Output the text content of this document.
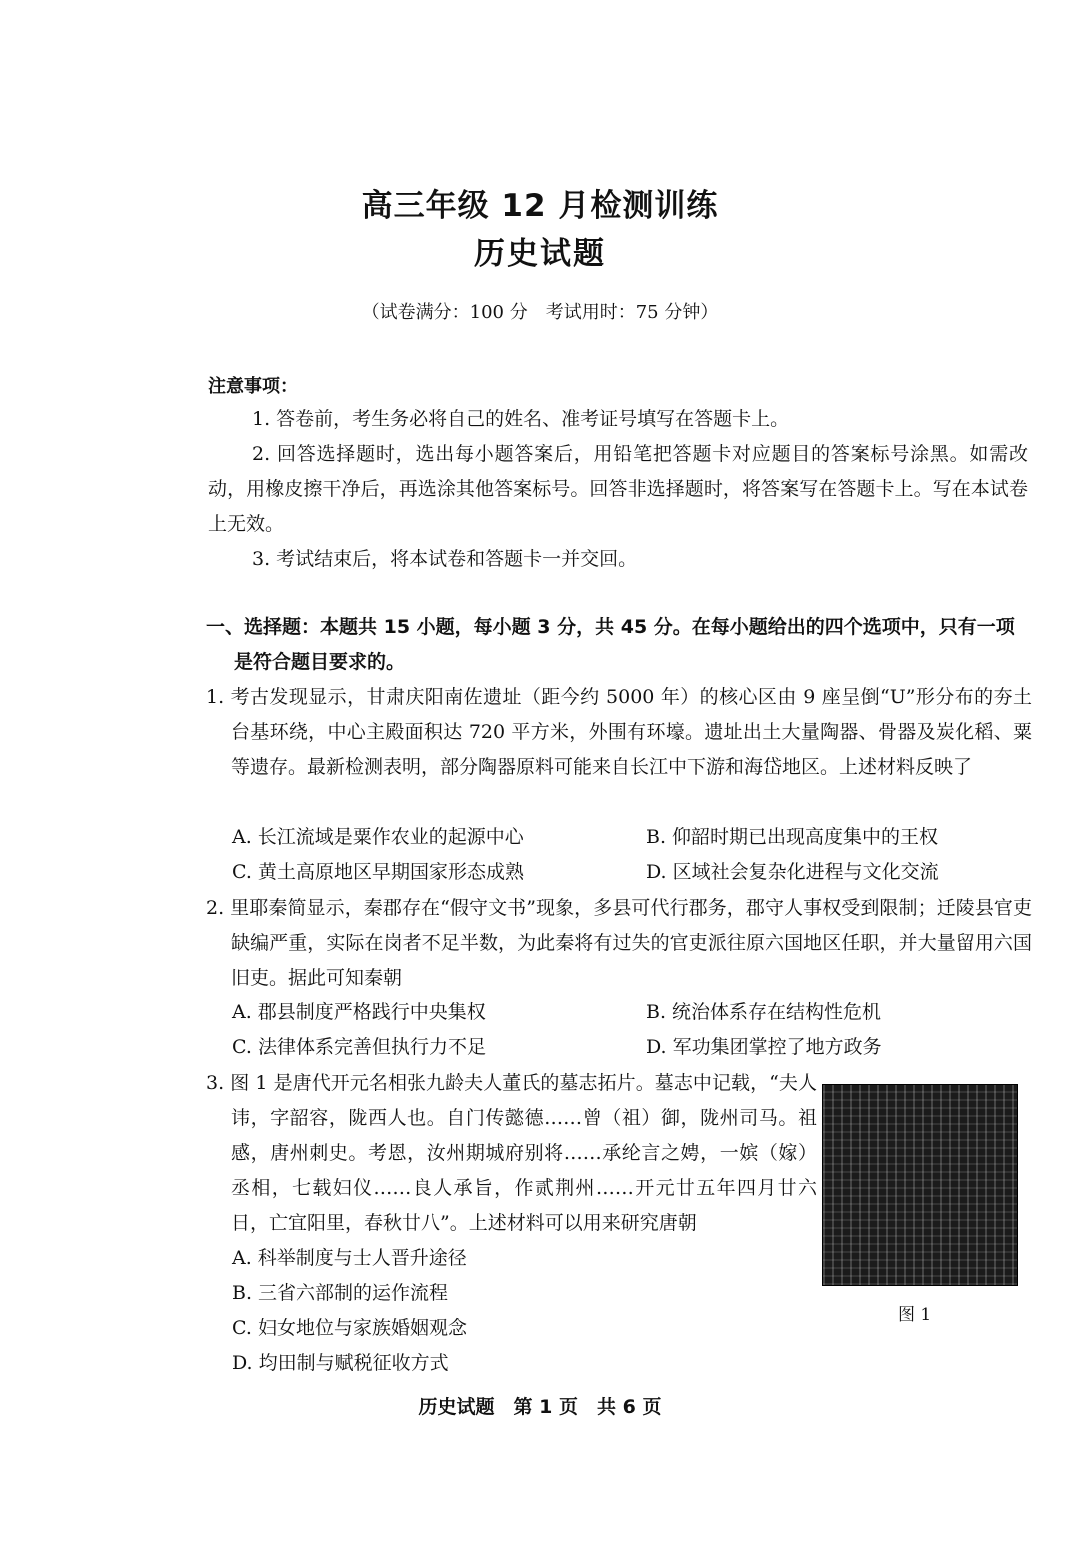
高三年级 12 月检测训练
历史试题
（试卷满分：100 分　考试用时：75 分钟）
注意事项：
1. 答卷前，考生务必将自己的姓名、准考证号填写在答题卡上。
2. 回答选择题时，选出每小题答案后，用铅笔把答题卡对应题目的答案标号涂黑。如需改动，用橡皮擦干净后，再选涂其他答案标号。回答非选择题时，将答案写在答题卡上。写在本试卷上无效。
3. 考试结束后，将本试卷和答题卡一并交回。
一、选择题：本题共 15 小题，每小题 3 分，共 45 分。在每小题给出的四个选项中，只有一项是符合题目要求的。
1. 考古发现显示，甘肃庆阳南佐遗址（距今约 5000 年）的核心区由 9 座呈倒“U”形分布的夯土台基环绕，中心主殿面积达 720 平方米，外围有环壕。遗址出土大量陶器、骨器及炭化稻、粟等遗存。最新检测表明，部分陶器原料可能来自长江中下游和海岱地区。上述材料反映了
A. 长江流域是粟作农业的起源中心	B. 仰韶时期已出现高度集中的王权
C. 黄土高原地区早期国家形态成熟	D. 区域社会复杂化进程与文化交流
2. 里耶秦简显示，秦郡存在“假守文书”现象，多县可代行郡务，郡守人事权受到限制；迁陵县官吏缺编严重，实际在岗者不足半数，为此秦将有过失的官吏派往原六国地区任职，并大量留用六国旧吏。据此可知秦朝
A. 郡县制度严格践行中央集权	B. 统治体系存在结构性危机
C. 法律体系完善但执行力不足	D. 军功集团掌控了地方政务
3. 图 1 是唐代开元名相张九龄夫人董氏的墓志拓片。墓志中记载，“夫人讳，字韶容，陇西人也。自门传懿德……曾（祖）御，陇州司马。祖感，唐州刺史。考恩，汝州期城府别将……承纶言之娉，一嫔（嫁）丞相，七载妇仪……良人承旨，作贰荆州……开元廿五年四月廿六日，亡宜阳里，春秋廿八”。上述材料可以用来研究唐朝
A. 科举制度与士人晋升途径
B. 三省六部制的运作流程
C. 妇女地位与家族婚姻观念
D. 均田制与赋税征收方式
图 1
历史试题　第 1 页　共 6 页
